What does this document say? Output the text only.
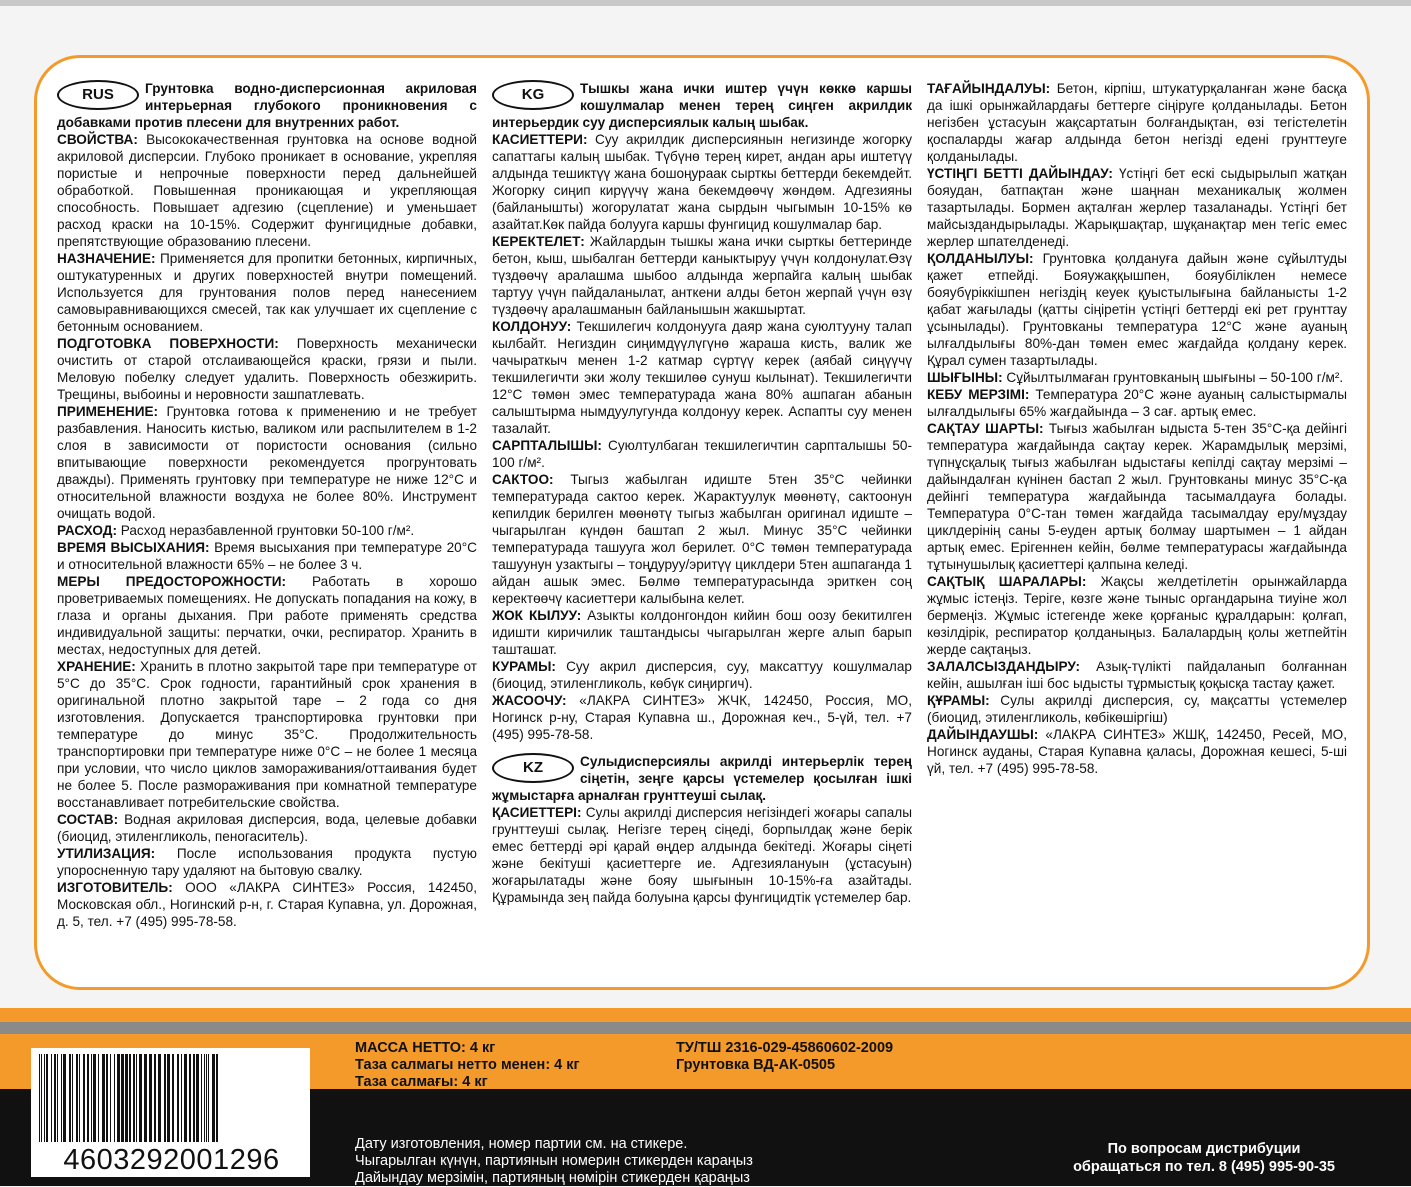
RUS	Грунтовка водно-дисперсионная акриловая интерьерная глубокого проникновения с добавками против плесени для внутренних работ.

СВОЙСТВА: Высококачественная грунтовка на основе водной акриловой дисперсии. Глубоко проникает в основание, укрепляя пористые и непрочные поверхности перед дальнейшей обработкой. Повышенная проникающая и укрепляющая способность. Повышает адгезию (сцепление) и уменьшает расход краски на 10-15%. Содержит фунгицидные добавки, препятствующие образованию плесени.

НАЗНАЧЕНИЕ: Применяется для пропитки бетонных, кирпичных, оштукатуренных и других поверхностей внутри помещений. Используется для грунтования полов перед нанесением самовыравнивающихся смесей, так как улучшает их сцепление с бетонным основанием.

ПОДГОТОВКА ПОВЕРХНОСТИ: Поверхность механически очистить от старой отслаивающейся краски, грязи и пыли. Меловую побелку следует удалить. Поверхность обезжирить. Трещины, выбоины и неровности зашпатлевать.

ПРИМЕНЕНИЕ: Грунтовка готова к применению и не требует разбавления. Наносить кистью, валиком или распылителем в 1-2 слоя в зависимости от пористости основания (сильно впитывающие поверхности рекомендуется прогрунтовать дважды). Применять грунтовку при температуре не ниже 12°С и относительной влажности воздуха не более 80%. Инструмент очищать водой.

РАСХОД: Расход неразбавленной грунтовки 50-100 г/м².

ВРЕМЯ ВЫСЫХАНИЯ: Время высыхания при температуре 20°С и относительной влажности 65% – не более 3 ч.

МЕРЫ ПРЕДОСТОРОЖНОСТИ: Работать в хорошо проветриваемых помещениях. Не допускать попадания на кожу, в глаза и органы дыхания. При работе применять средства индивидуальной защиты: перчатки, очки, респиратор. Хранить в местах, недоступных для детей.

ХРАНЕНИЕ: Хранить в плотно закрытой таре при температуре от 5°С до 35°С. Срок годности, гарантийный срок хранения в оригинальной плотно закрытой таре – 2 года со дня изготовления. Допускается транспортировка грунтовки при температуре до минус 35°С. Продолжительность транспортировки при температуре ниже 0°С – не более 1 месяца при условии, что число циклов замораживания/оттаивания будет не более 5. После размораживания при комнатной температуре восстанавливает потребительские свойства.

СОСТАВ: Водная акриловая дисперсия, вода, целевые добавки (биоцид, этиленгликоль, пеногаситель).

УТИЛИЗАЦИЯ: После использования продукта пустую упоросненную тару удаляют на бытовую свалку.

ИЗГОТОВИТЕЛЬ: ООО «ЛАКРА СИНТЕЗ» Россия, 142450, Московская обл., Ногинский р-н, г. Старая Купавна, ул. Дорожная, д. 5, тел. +7 (495) 995-78-58.

KG	Тышкы жана ички иштер үчүн көккө каршы кошулмалар менен терең сиңген акрилдик интерьердик суу дисперсиялык калың шыбак.

КАСИЕТТЕРИ: Суу акрилдик дисперсиянын негизинде жогорку сапаттагы калың шыбак. Түбүнө терең кирет, андан ары иштетүү алдында тешиктүү жана бошоңураак сырткы беттерди бекемдейт. Жогорку сиңип кирүүчү жана бекемдөөчү жөндөм. Адгезияны (байланышты) жогорулатат жана сырдын чыгымын 10-15% кө азайтат.Көк пайда болууга каршы фунгицид кошулмалар бар.

КЕРЕКТЕЛЕТ: Жайлардын тышкы жана ички сырткы беттеринде бетон, кыш, шыбалган беттерди каныктыруу үчүн колдонулат.Өзү түздөөчү аралашма шыбоо алдында жерпайга калың шыбак тартуу үчүн пайдаланылат, анткени алды бетон жерпай үчүн өзү түздөөчү аралашманын байланышын жакшыртат.

КОЛДОНУУ: Текшилегич колдонууга даяр жана суюлтууну талап кылбайт. Негиздин сиңимдүүлүгүнө жараша кисть, валик же чачыраткыч менен 1-2 катмар сүртүү керек (аябай сиңүүчү текшилегичти эки жолу текшилөө сунуш кылынат). Текшилегичти 12°С төмөн эмес температурада жана 80% ашпаган абанын салыштырма нымдуулугунда колдонуу керек. Аспапты суу менен тазалайт.

САРПТАЛЫШЫ: Суюлтулбаган текшилегичтин сарпталышы 50-100 г/м².

САКТОО: Тыгыз жабылган идиште 5тен 35°С чейинки температурада сактоо керек. Жарактуулук мөөнөтү, сактоонун кепилдик берилген мөөнөтү тыгыз жабылган оригинал идиште – чыгарылган күндөн баштап 2 жыл. Минус 35°С чейинки температурада ташууга жол берилет. 0°С төмөн температурада ташуунун узактыгы – тоңдуруу/эритүү циклдери 5тен ашпаганда 1 айдан ашык эмес. Бөлмө температурасында эриткен соң керектөөчү касиеттери калыбына келет.

ЖОК КЫЛУУ: Азыкты колдонгондон кийин бош оозу бекитилген идишти киричилик таштандысы чыгарылган жерге алып барып ташташат.

КУРАМЫ: Суу акрил дисперсия, суу, максаттуу кошулмалар (биоцид, этиленгликоль, көбүк сиңиргич).

ЖАСООЧУ: «ЛАКРА СИНТЕЗ» ЖЧК, 142450, Россия, МО, Ногинск р-ну, Старая Купавна ш., Дорожная кеч., 5-үй, тел. +7 (495) 995-78-58.

KZ	Сулыдисперсиялы акрилді интерьерлік терең сіңетін, зеңге қарсы үстемелер қосылған ішкі жұмыстарға арналған грунттеуші сылақ.

ҚАСИЕТТЕРІ: Сулы акрилді дисперсия негізіндегі жоғары сапалы грунттеуші сылақ. Негізге терең сіңеді, борпылдақ және берік емес беттерді әрі қарай өңдер алдында бекітеді. Жоғары сіңеті және бекітуші қасиеттерге ие. Адгезиялануын (ұстасуын) жоғарылатады және бояу шығынын 10-15%-ға азайтады. Құрамында зең пайда болуына қарсы фунгицидтік үстемелер бар.

ТАҒАЙЫНДАЛУЫ: Бетон, кірпіш, штукатурқаланған және басқа да ішкі орынжайлардағы беттерге сіңіруге қолданылады. Бетон негізбен ұстасуын жақсартатын болғандықтан, өзі тегістелетін қоспаларды жағар алдында бетон негізді едені грунттеуге қолданылады.

ҮСТІҢГІ БЕТТІ ДАЙЫНДАУ: Үстіңгі бет ескі сыдырылып жатқан бояудан, батпақтан және шаңнан механикалық жолмен тазартылады. Бормен ақталған жерлер тазаланады. Үстіңгі бет майсыздандырылады. Жарықшақтар, шұқанақтар мен тегіс емес жерлер шпателденеді.

ҚОЛДАНЫЛУЫ: Грунтовка қолдануға дайын және сұйылтуды қажет етпейді. Бояужаққышпен, бояубіліклен немесе бояубүріккішпен негіздің кеуек қуыстылығына байланысты 1-2 қабат жағылады (қатты сіңіретін үстіңгі беттерді екі рет грунттау ұсынылады). Грунтовканы температура 12°С және ауаның ылғалдылығы 80%-дан төмен емес жағдайда қолдану керек. Құрал сумен тазартылады.

ШЫҒЫНЫ: Сұйылтылмаған грунтовканың шығыны – 50-100 г/м².

КЕБУ МЕРЗІМІ: Температура 20°С және ауаның салыстырмалы ылғалдылығы 65% жағдайында – 3 сағ. артық емес.

САҚТАУ ШАРТЫ: Тығыз жабылған ыдыста 5-тен 35°С-қа дейінгі температура жағдайында сақтау керек. Жарамдылық мерзімі, түпнұсқалық тығыз жабылған ыдыстағы кепілді сақтау мерзімі – дайындалған күнінен бастап 2 жыл. Грунтовканы минус 35°С-қа дейінгі температура жағдайында тасымалдауға болады. Температура 0°С-тан төмен жағдайда тасымалдау еру/мұздау циклдерінің саны 5-еуден артық болмау шартымен – 1 айдан артық емес. Ерігеннен кейін, бөлме температурасы жағдайында тұтынушылық қасиеттері қалпына келеді.

САҚТЫҚ ШАРАЛАРЫ: Жақсы желдетілетін орынжайларда жұмыс істеңіз. Теріге, көзге және тыныс органдарына тиуіне жол бермеңіз. Жұмыс істегенде жеке қорғаныс құралдарын: қолғап, көзілдірік, респиратор қолданыңыз. Балалардың қолы жетпейтін жерде сақтаңыз.

ЗАЛАЛСЫЗДАНДЫРУ: Азық-түлікті пайдаланып болғаннан кейін, ашылған іші бос ыдысты тұрмыстық қоқысқа тастау қажет.

ҚҰРАМЫ: Сулы акрилді дисперсия, су, мақсатты үстемелер (биоцид, этиленгликоль, көбікөшіргіш)

ДАЙЫНДАУШЫ: «ЛАКРА СИНТЕЗ» ЖШҚ, 142450, Ресей, МО, Ногинск ауданы, Старая Купавна қаласы, Дорожная кешесі, 5-ші үй, тел. +7 (495) 995-78-58.

МАССА НЕТТО: 4 кг
Таза салмагы нетто менен: 4 кг
Таза салмағы: 4 кг
ТУ/ТШ 2316-029-45860602-2009
Грунтовка ВД-АК-0505
Дату изготовления, номер партии см. на стикере.
Чыгарылган күнүн, партиянын номерин стикерден караңыз
Дайындау мерзімін, партияның нөмірін стикерден қараңыз
По вопросам дистрибуции
обращаться по тел. 8 (495) 995-90-35
4603292001296
